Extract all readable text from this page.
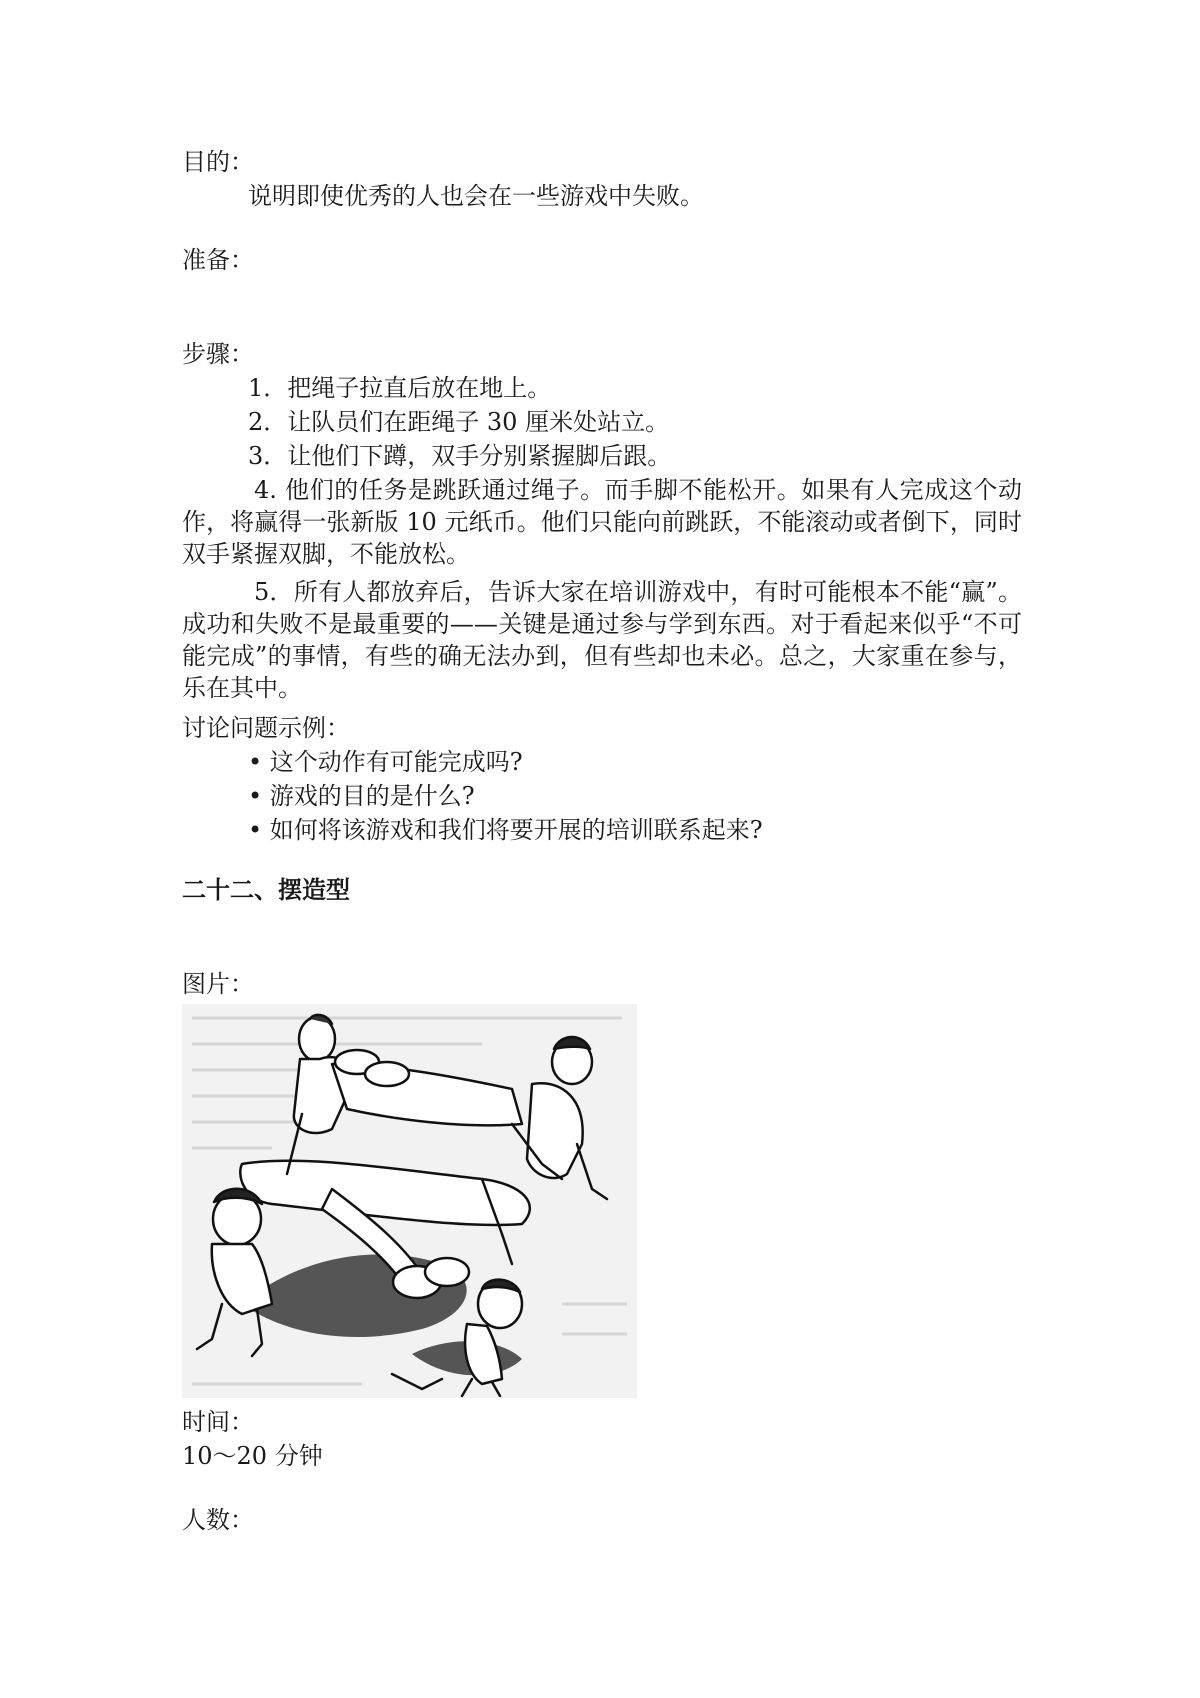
目的：
说明即使优秀的人也会在一些游戏中失败。
准备：
步骤：
1．把绳子拉直后放在地上。
2．让队员们在距绳子 30 厘米处站立。
3．让他们下蹲，双手分别紧握脚后跟。
4. 他们的任务是跳跃通过绳子。而手脚不能松开。如果有人完成这个动作，将赢得一张新版 10 元纸币。他们只能向前跳跃，不能滚动或者倒下，同时双手紧握双脚，不能放松。
5．所有人都放弃后，告诉大家在培训游戏中，有时可能根本不能“赢”。成功和失败不是最重要的——关键是通过参与学到东西。对于看起来似乎“不可能完成”的事情，有些的确无法办到，但有些却也未必。总之，大家重在参与，乐在其中。
讨论问题示例：
• 这个动作有可能完成吗?
• 游戏的目的是什么?
• 如何将该游戏和我们将要开展的培训联系起来?
二十二、摆造型
图片：
时间：
10～20 分钟
人数：
